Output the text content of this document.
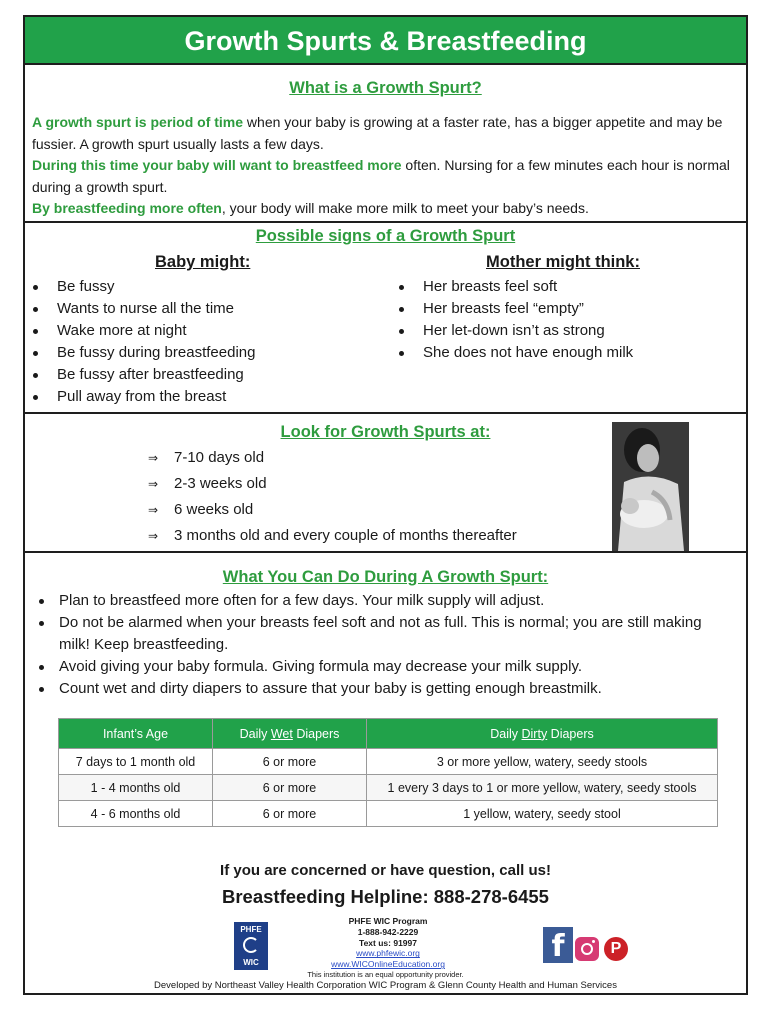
Growth Spurts & Breastfeeding
What is a Growth Spurt?
A growth spurt is period of time when your baby is growing at a faster rate, has a bigger appetite and may be fussier. A growth spurt usually lasts a few days.
During this time your baby will want to breastfeed more often. Nursing for a few minutes each hour is normal during a growth spurt.
By breastfeeding more often, your body will make more milk to meet your baby’s needs.
Possible signs of a Growth Spurt
Baby might:	Mother might think:
Be fussy
Wants to nurse all the time
Wake more at night
Be fussy during breastfeeding
Be fussy after breastfeeding
Pull away from the breast
Her breasts feel soft
Her breasts feel “empty”
Her let-down isn’t as strong
She does not have enough milk
Look for Growth Spurts at:
⇒ 7-10 days old
⇒ 2-3 weeks old
⇒ 6 weeks old
⇒ 3 months old and every couple of months thereafter
What You Can Do During A Growth Spurt:
Plan to breastfeed more often for a few days. Your milk supply will adjust.
Do not be alarmed when your breasts feel soft and not as full. This is normal; you are still making milk! Keep breastfeeding.
Avoid giving your baby formula. Giving formula may decrease your milk supply.
Count wet and dirty diapers to assure that your baby is getting enough breastmilk.
Infant’s Age	Daily Wet Diapers	Daily Dirty Diapers
7 days to 1 month old	6 or more	3 or more yellow, watery, seedy stools
1 - 4 months old	6 or more	1 every 3 days to 1 or more yellow, watery, seedy stools
4 - 6 months old	6 or more	1 yellow, watery, seedy stool
If you are concerned or have question, call us!
Breastfeeding Helpline: 888-278-6455
PHFE
WIC
PHFE WIC Program
1-888-942-2229
Text us: 91997
www.phfewic.org
www.WICOnlineEducation.org
f	P
This institution is an equal opportunity provider.
Developed by Northeast Valley Health Corporation WIC Program & Glenn County Health and Human Services
